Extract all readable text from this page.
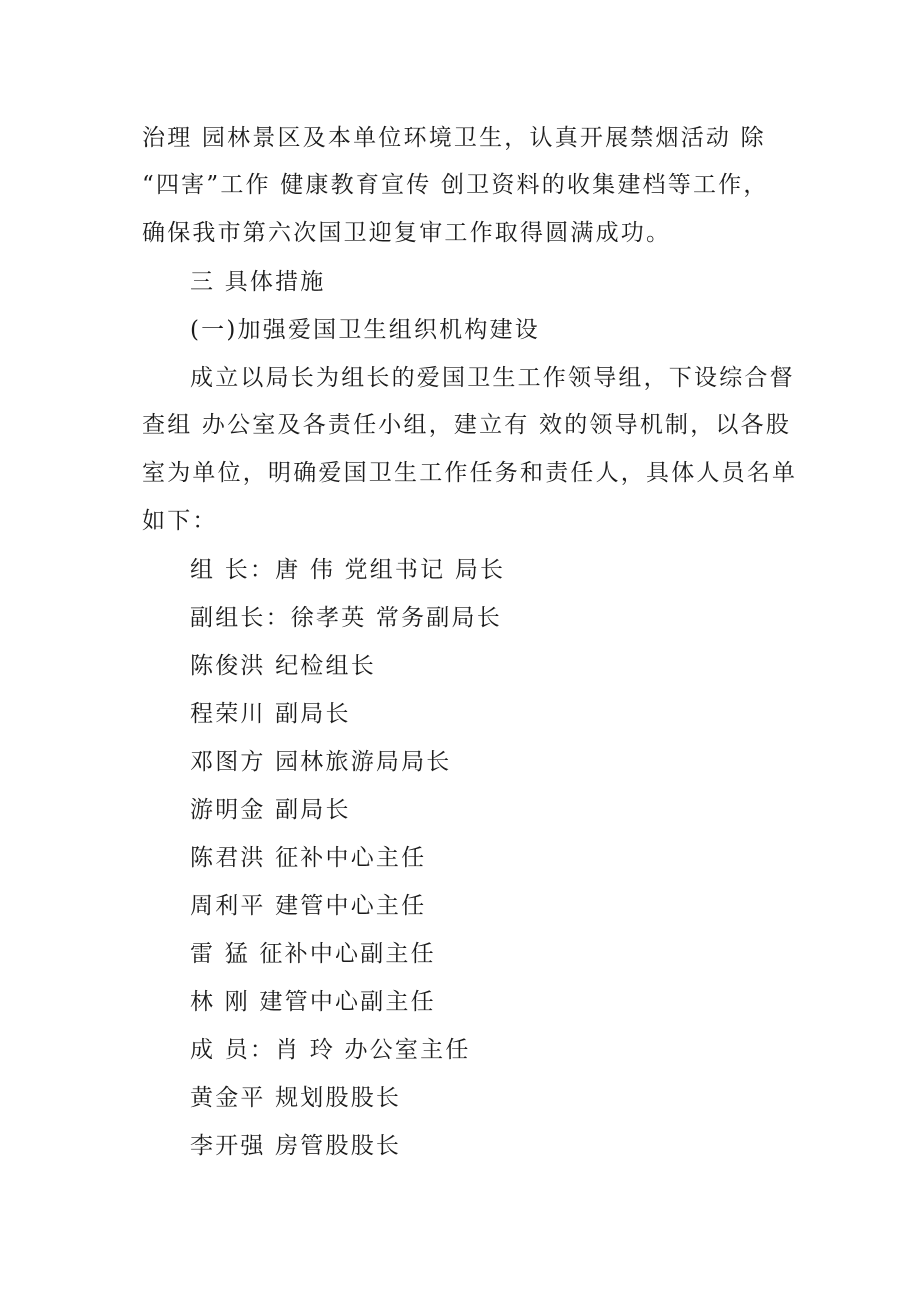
治理 园林景区及本单位环境卫生，认真开展禁烟活动 除
“四害”工作 健康教育宣传 创卫资料的收集建档等工作，
确保我市第六次国卫迎复审工作取得圆满成功。
三 具体措施
(一)加强爱国卫生组织机构建设
成立以局长为组长的爱国卫生工作领导组，下设综合督
查组 办公室及各责任小组，建立有 效的领导机制，以各股
室为单位，明确爱国卫生工作任务和责任人，具体人员名单
如下：
组 长：唐 伟 党组书记 局长
副组长：徐孝英 常务副局长
陈俊洪 纪检组长
程荣川 副局长
邓图方 园林旅游局局长
游明金 副局长
陈君洪 征补中心主任
周利平 建管中心主任
雷 猛 征补中心副主任
林 刚 建管中心副主任
成 员：肖 玲 办公室主任
黄金平 规划股股长
李开强 房管股股长
